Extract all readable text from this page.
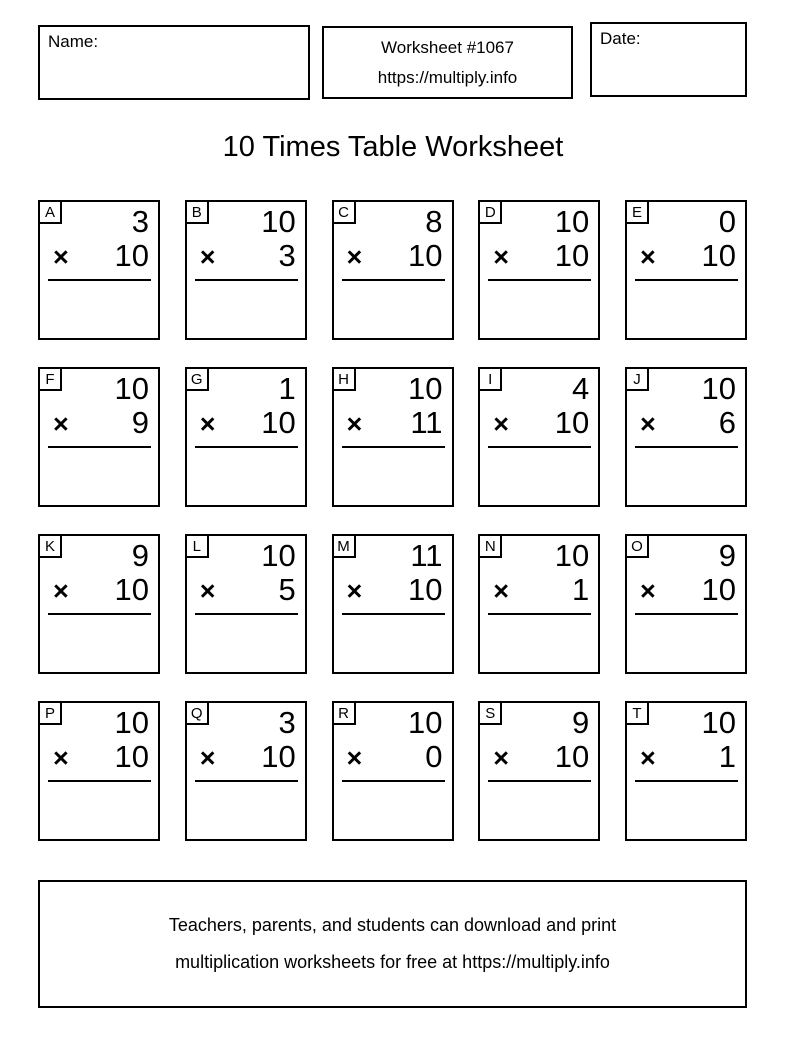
Name:	Worksheet #1067
https://multiply.info
Date:
10 Times Table Worksheet
A	3
× 10
B	10
× 3
C	8
× 10
D	10
× 10
E	0
× 10
F	10
× 9
G	1
× 10
H	10
× 11
I	4
× 10
J	10
× 6
K	9
× 10
L	10
× 5
M	11
× 10
N	10
× 1
O	9
× 10
P	10
× 10
Q	3
× 10
R	10
× 0
S	9
× 10
T	10
× 1
Teachers, parents, and students can download and print
multiplication worksheets for free at https://multiply.info
